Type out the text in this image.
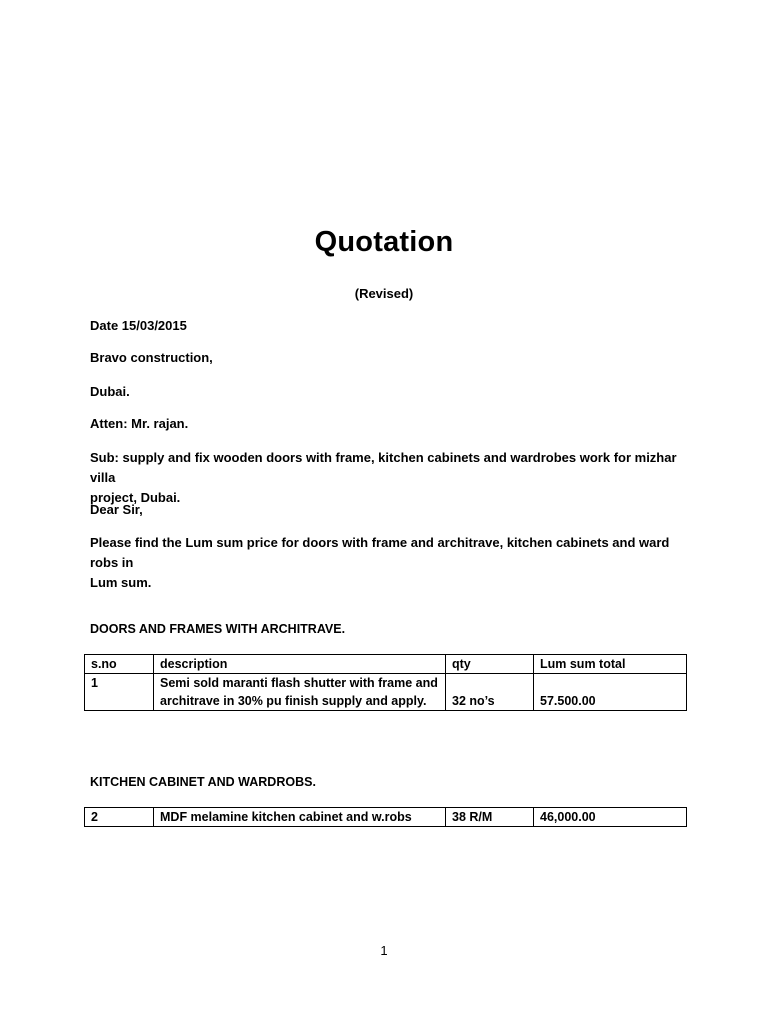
Quotation
(Revised)

Date 15/03/2015

Bravo construction,

Dubai.

Atten: Mr. rajan.

Sub: supply and fix wooden doors with frame, kitchen cabinets and wardrobes work for mizhar villa
project, Dubai.

Dear Sir,

Please find the Lum sum price for doors with frame and architrave, kitchen cabinets and ward robs in
Lum sum.

DOORS AND FRAMES WITH ARCHITRAVE.

s.no	description	qty	Lum sum total
1	Semi sold maranti flash shutter with frame and
architrave in 30% pu finish supply and apply.	32 no’s	57.500.00

KITCHEN CABINET AND WARDROBS.

2	MDF melamine kitchen cabinet and w.robs	38 R/M	46,000.00
1
